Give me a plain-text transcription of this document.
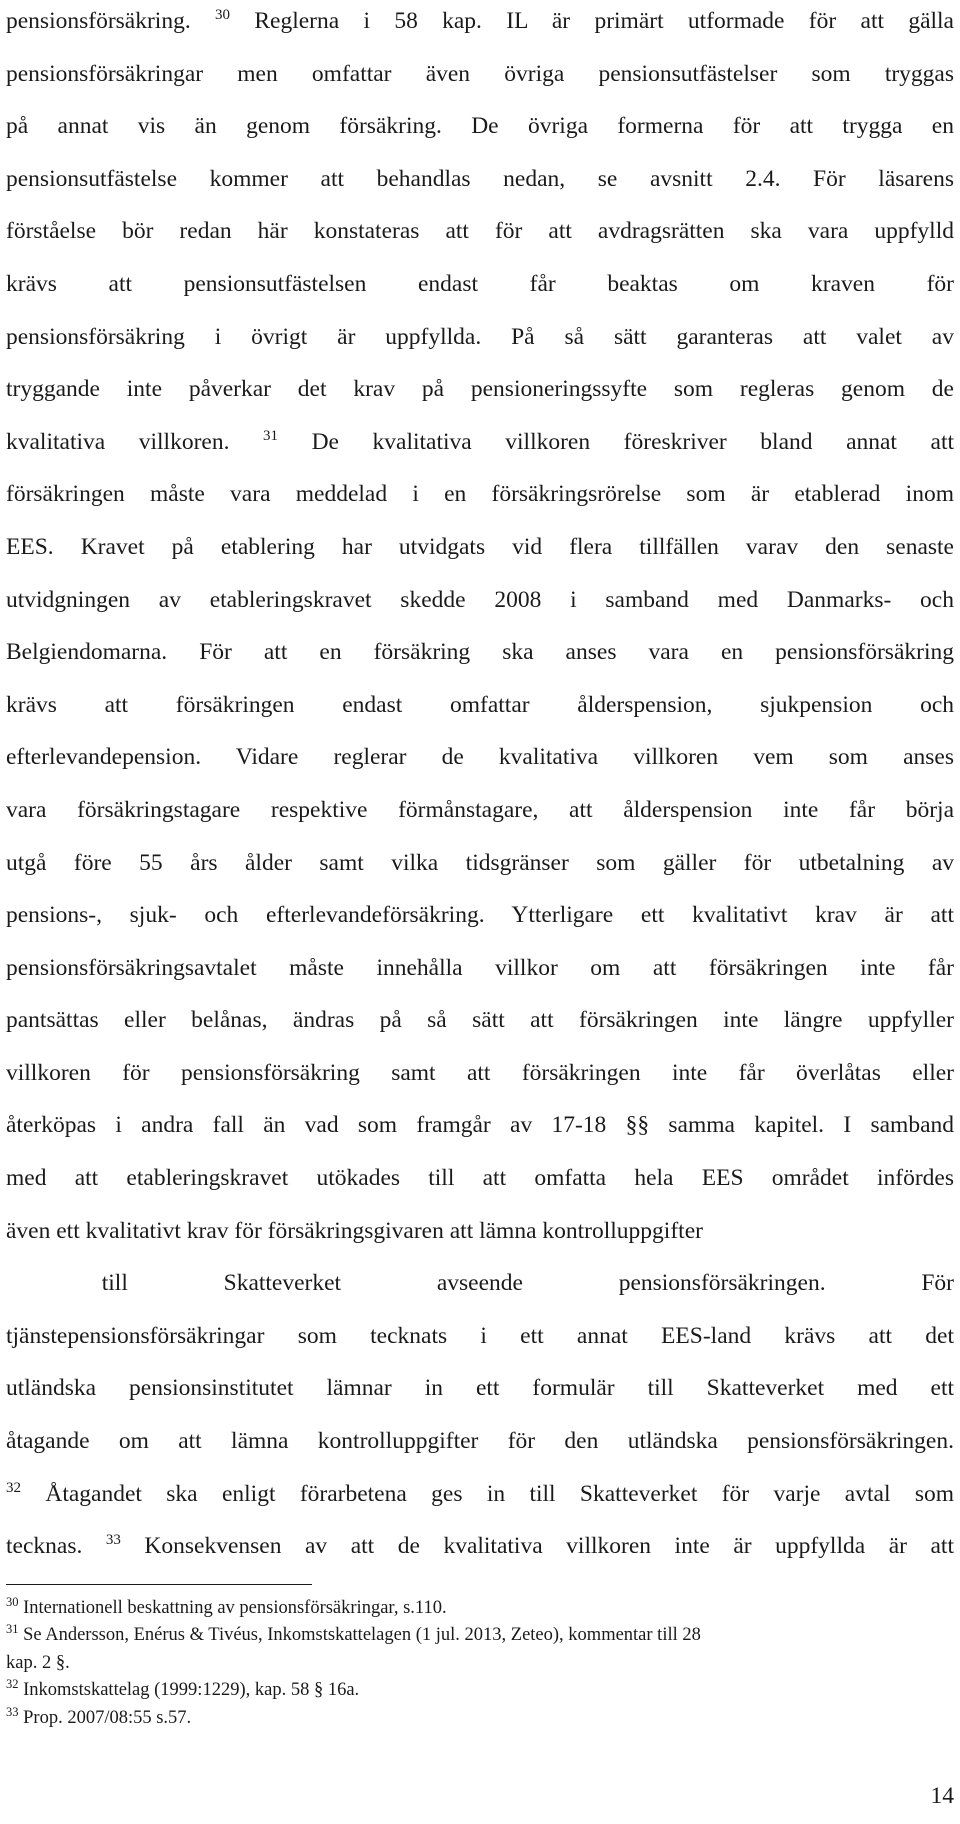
pensionsförsäkring. $^{30}$ Reglerna i 58 kap. IL är primärt utformade för att gälla
pensionsförsäkringar men omfattar även övriga pensionsutfästelser som tryggas
på annat vis än genom försäkring. De övriga formerna för att trygga en
pensionsutfästelse kommer att behandlas nedan, se avsnitt 2.4. För läsarens
förståelse bör redan här konstateras att för att avdragsrätten ska vara uppfylld
krävs att pensionsutfästelsen endast får beaktas om kraven för
pensionsförsäkring i övrigt är uppfyllda. På så sätt garanteras att valet av
tryggande inte påverkar det krav på pensioneringssyfte som regleras genom de
kvalitativa villkoren. $^{31}$ De kvalitativa villkoren föreskriver bland annat att
försäkringen måste vara meddelad i en försäkringsrörelse som är etablerad inom
EES. Kravet på etablering har utvidgats vid flera tillfällen varav den senaste
utvidgningen av etableringskravet skedde 2008 i samband med Danmarks- och
Belgiendomarna. För att en försäkring ska anses vara en pensionsförsäkring
krävs att försäkringen endast omfattar ålderspension, sjukpension och
efterlevandepension. Vidare reglerar de kvalitativa villkoren vem som anses
vara försäkringstagare respektive förmånstagare, att ålderspension inte får börja
utgå före 55 års ålder samt vilka tidsgränser som gäller för utbetalning av
pensions-, sjuk- och efterlevandeförsäkring. Ytterligare ett kvalitativt krav är att
pensionsförsäkringsavtalet måste innehålla villkor om att försäkringen inte får
pantsättas eller belånas, ändras på så sätt att försäkringen inte längre uppfyller
villkoren för pensionsförsäkring samt att försäkringen inte får överlåtas eller
återköpas i andra fall än vad som framgår av 17-18 §§ samma kapitel. I samband
med att etableringskravet utökades till att omfatta hela EES området infördes
även ett kvalitativt krav för försäkringsgivaren att lämna kontrolluppgifter
till Skatteverket avseende pensionsförsäkringen. För
tjänstepensionsförsäkringar som tecknats i ett annat EES-land krävs att det
utländska pensionsinstitutet lämnar in ett formulär till Skatteverket med ett
åtagande om att lämna kontrolluppgifter för den utländska pensionsförsäkringen.
$^{32}$ Åtagandet ska enligt förarbetena ges in till Skatteverket för varje avtal som
tecknas. $^{33}$ Konsekvensen av att de kvalitativa villkoren inte är uppfyllda är att
$^{30}$ Internationell beskattning av pensionsförsäkringar, s.110.
$^{31}$ Se Andersson, Enérus & Tivéus, Inkomstskattelagen (1 jul. 2013, Zeteo), kommentar till 28
kap. 2 §.
$^{32}$ Inkomstskattelag (1999:1229), kap. 58 § 16a.
$^{33}$ Prop. 2007/08:55 s.57.
14
